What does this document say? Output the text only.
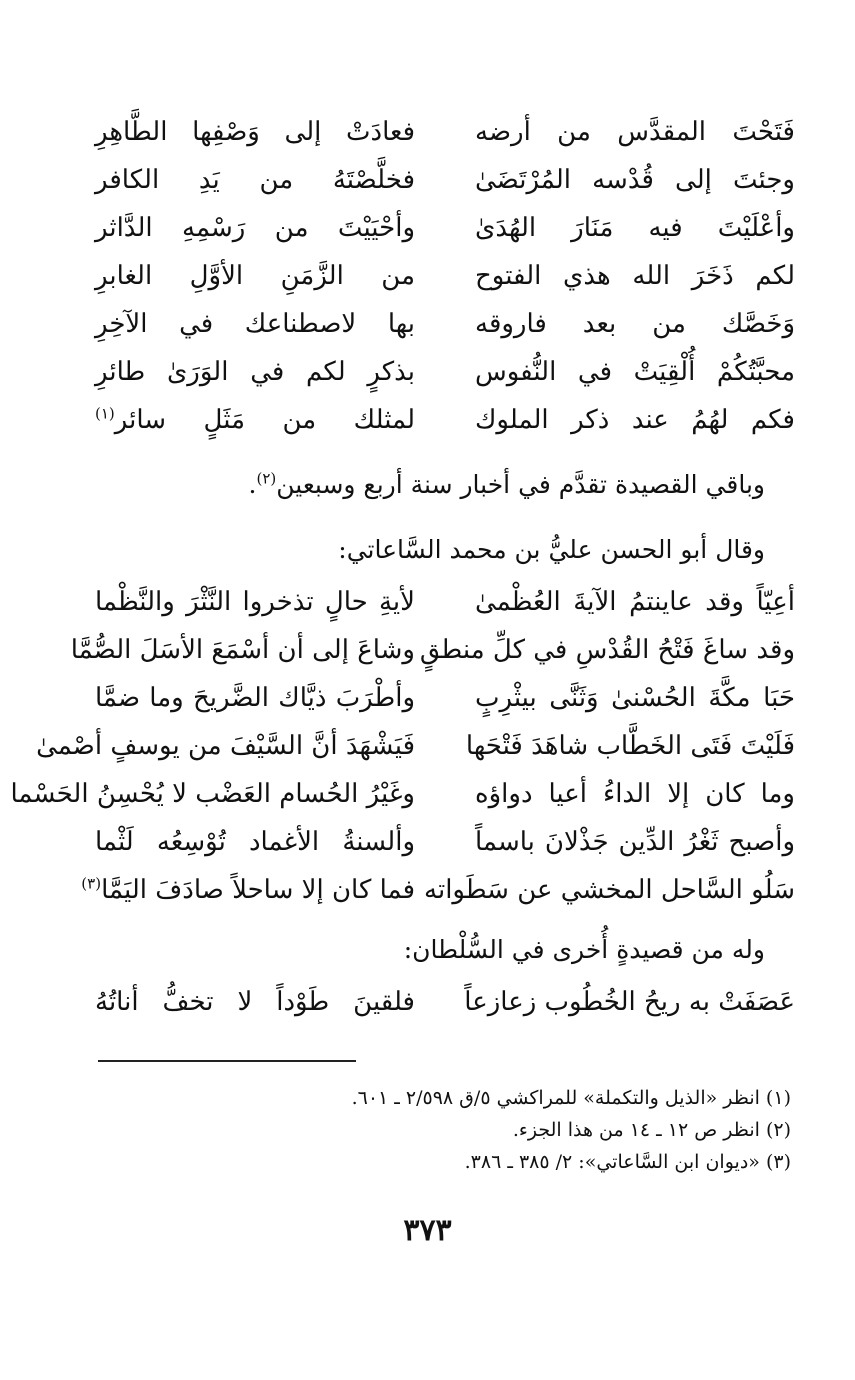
فَتَحْتَ المقدَّس من أرضه
فعادَتْ إلى وَصْفِها الطَّاهِرِ
وجئتَ إلى قُدْسه المُرْتَضَىٰ
فخلَّصْتَهُ من يَدِ الكافر
وأعْلَيْتَ فيه مَنَارَ الهُدَىٰ
وأحْيَيْتَ من رَسْمِهِ الدَّاثر
لكم ذَخَرَ الله هذي الفتوح
من الزَّمَنِ الأوَّلِ الغابرِ
وَخَصَّك من بعد فاروقه
بها لاصطناعك في الآخِرِ
محبَّتُكُمْ أُلْقِيَتْ في النُّفوس
بذكرٍ لكم في الوَرَىٰ طائرِ
فكم لهُمُ عند ذكر الملوك
لمثلك من مَثَلٍ سائر$^{(١)}$
وباقي القصيدة تقدَّم في أخبار سنة أربع وسبعين$^{(٢)}$.
وقال أبو الحسن عليُّ بن محمد السَّاعاتي:
أعِيّاً وقد عاينتمُ الآيةَ العُظْمىٰ
لأيةِ حالٍ تذخروا النَّثْرَ والنَّظْما
وقد ساغَ فَتْحُ القُدْسِ في كلِّ منطقٍ
وشاعَ إلى أن أسْمَعَ الأسَلَ الصُّمَّا
حَبَا مكَّةَ الحُسْنىٰ وَثَنَّى بيثْرِبٍ
وأطْرَبَ ذيَّاك الضَّريحَ وما ضمَّا
فَلَيْتَ فَتَى الخَطَّاب شاهَدَ فَتْحَها
فَيَشْهَدَ أنَّ السَّيْفَ من يوسفٍ أصْمىٰ
وما كان إلا الداءُ أعيا دواؤه
وغَيْرُ الحُسام العَضْب لا يُحْسِنُ الحَسْما
وأصبح ثَغْرُ الدِّين جَذْلانَ باسماً
وألسنةُ الأغماد تُوْسِعُه لَثْما
سَلُو السَّاحل المخشي عن سَطَواته
فما كان إلا ساحلاً صادَفَ اليَمَّا$^{(٣)}$
وله من قصيدةٍ أُخرى في السُّلْطان:
عَصَفَتْ به ريحُ الخُطُوب زعازعاً
فلقينَ طَوْداً لا تخفُّ أناتُهُ
(١) انظر «الذيل والتكملة» للمراكشي ٥/ق ٢/٥٩٨ ـ ٦٠١.
(٢) انظر ص ١٢ ـ ١٤ من هذا الجزء.
(٣) «ديوان ابن السَّاعاتي»: ٢/ ٣٨٥ ـ ٣٨٦.
٣٧٣
